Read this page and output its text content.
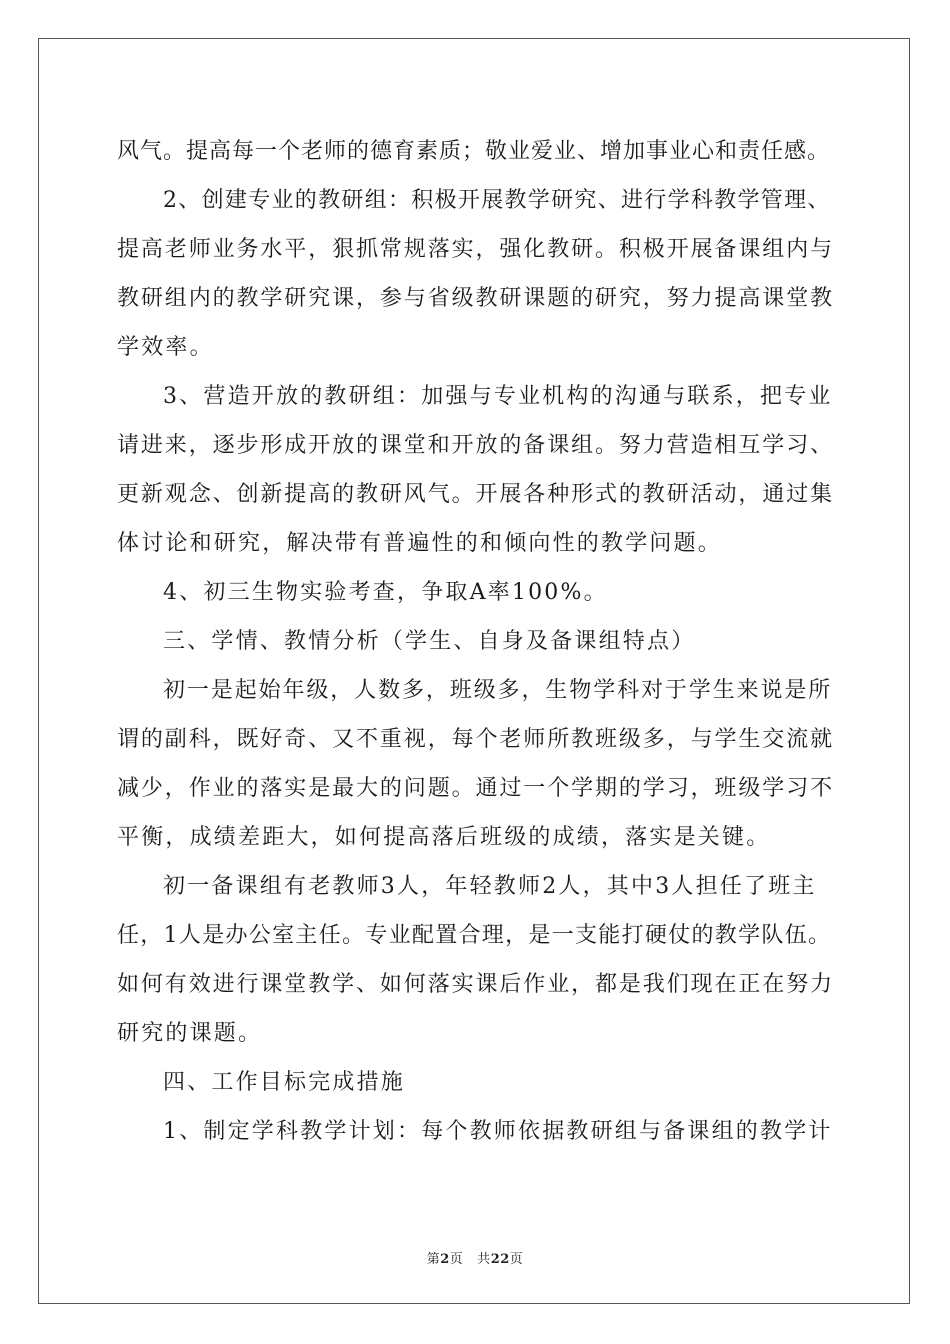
风气。提高每一个老师的德育素质；敬业爱业、增加事业心和责任感。
2、创建专业的教研组：积极开展教学研究、进行学科教学管理、
提高老师业务水平，狠抓常规落实，强化教研。积极开展备课组内与
教研组内的教学研究课，参与省级教研课题的研究，努力提高课堂教
学效率。
3、营造开放的教研组：加强与专业机构的沟通与联系，把专业
请进来，逐步形成开放的课堂和开放的备课组。努力营造相互学习、
更新观念、创新提高的教研风气。开展各种形式的教研活动，通过集
体讨论和研究，解决带有普遍性的和倾向性的教学问题。
4、初三生物实验考查，争取A率100%。
三、学情、教情分析（学生、自身及备课组特点）
初一是起始年级，人数多，班级多，生物学科对于学生来说是所
谓的副科，既好奇、又不重视，每个老师所教班级多，与学生交流就
减少，作业的落实是最大的问题。通过一个学期的学习，班级学习不
平衡，成绩差距大，如何提高落后班级的成绩，落实是关键。
初一备课组有老教师3人，年轻教师2人，其中3人担任了班主
任，1人是办公室主任。专业配置合理，是一支能打硬仗的教学队伍。
如何有效进行课堂教学、如何落实课后作业，都是我们现在正在努力
研究的课题。
四、工作目标完成措施
1、制定学科教学计划：每个教师依据教研组与备课组的教学计
第2页 共22页
